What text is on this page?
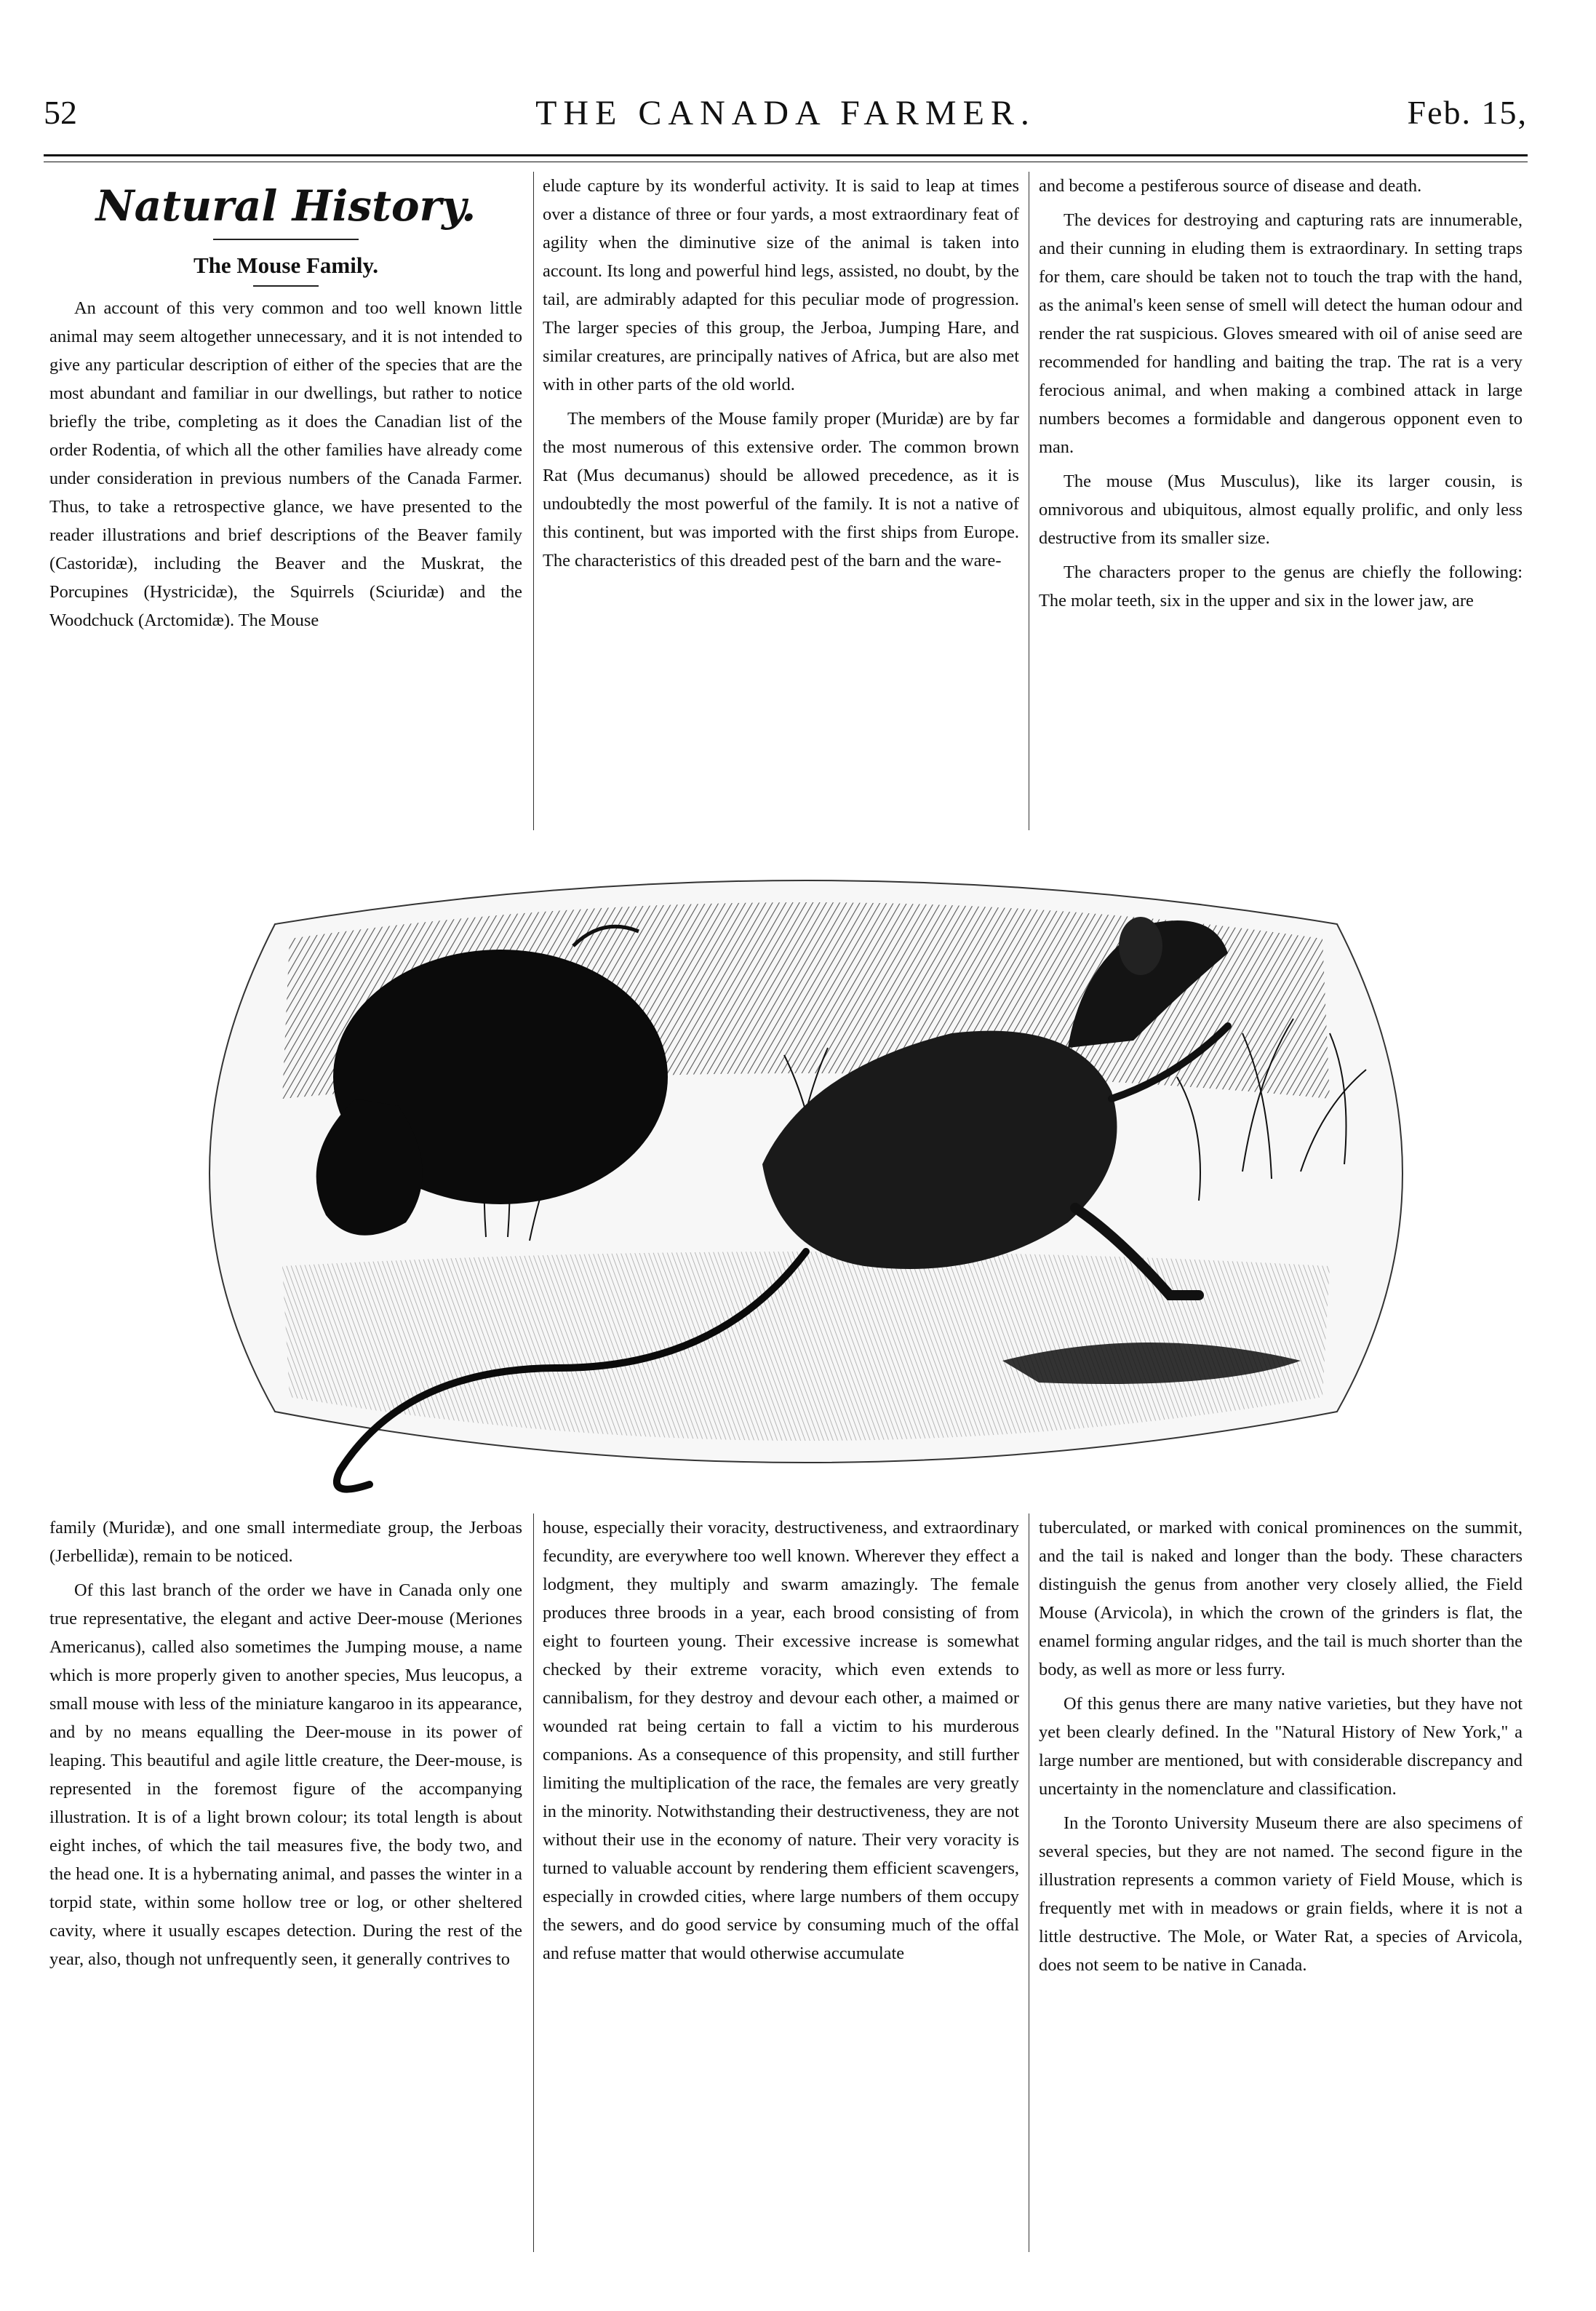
52	THE CANADA FARMER.	Feb. 15,
Natural History.
The Mouse Family.

An account of this very common and too well known little animal may seem altogether unnecessary, and it is not intended to give any particular description of either of the species that are the most abundant and familiar in our dwellings, but rather to notice briefly the tribe, completing as it does the Canadian list of the order Rodentia, of which all the other families have already come under consideration in previous numbers of the Canada Farmer. Thus, to take a retrospective glance, we have presented to the reader illustrations and brief descriptions of the Beaver family (Castoridæ), including the Beaver and the Muskrat, the Porcupines (Hystricidæ), the Squirrels (Sciuridæ) and the Woodchuck (Arctomidæ). The Mouse

elude capture by its wonderful activity. It is said to leap at times over a distance of three or four yards, a most extraordinary feat of agility when the diminutive size of the animal is taken into account. Its long and powerful hind legs, assisted, no doubt, by the tail, are admirably adapted for this peculiar mode of progression. The larger species of this group, the Jerboa, Jumping Hare, and similar creatures, are principally natives of Africa, but are also met with in other parts of the old world.

The members of the Mouse family proper (Muridæ) are by far the most numerous of this extensive order. The common brown Rat (Mus decumanus) should be allowed precedence, as it is undoubtedly the most powerful of the family. It is not a native of this continent, but was imported with the first ships from Europe. The characteristics of this dreaded pest of the barn and the ware-

and become a pestiferous source of disease and death.

The devices for destroying and capturing rats are innumerable, and their cunning in eluding them is extraordinary. In setting traps for them, care should be taken not to touch the trap with the hand, as the animal's keen sense of smell will detect the human odour and render the rat suspicious. Gloves smeared with oil of anise seed are recommended for handling and baiting the trap. The rat is a very ferocious animal, and when making a combined attack in large numbers becomes a formidable and dangerous opponent even to man.

The mouse (Mus Musculus), like its larger cousin, is omnivorous and ubiquitous, almost equally prolific, and only less destructive from its smaller size.

The characters proper to the genus are chiefly the following: The molar teeth, six in the upper and six in the lower jaw, are

family (Muridæ), and one small intermediate group, the Jerboas (Jerbellidæ), remain to be noticed.

Of this last branch of the order we have in Canada only one true representative, the elegant and active Deer-mouse (Meriones Americanus), called also sometimes the Jumping mouse, a name which is more properly given to another species, Mus leucopus, a small mouse with less of the miniature kangaroo in its appearance, and by no means equalling the Deer-mouse in its power of leaping. This beautiful and agile little creature, the Deer-mouse, is represented in the foremost figure of the accompanying illustration. It is of a light brown colour; its total length is about eight inches, of which the tail measures five, the body two, and the head one. It is a hybernating animal, and passes the winter in a torpid state, within some hollow tree or log, or other sheltered cavity, where it usually escapes detection. During the rest of the year, also, though not unfrequently seen, it generally contrives to

house, especially their voracity, destructiveness, and extraordinary fecundity, are everywhere too well known. Wherever they effect a lodgment, they multiply and swarm amazingly. The female produces three broods in a year, each brood consisting of from eight to fourteen young. Their excessive increase is somewhat checked by their extreme voracity, which even extends to cannibalism, for they destroy and devour each other, a maimed or wounded rat being certain to fall a victim to his murderous companions. As a consequence of this propensity, and still further limiting the multiplication of the race, the females are very greatly in the minority. Notwithstanding their destructiveness, they are not without their use in the economy of nature. Their very voracity is turned to valuable account by rendering them efficient scavengers, especially in crowded cities, where large numbers of them occupy the sewers, and do good service by consuming much of the offal and refuse matter that would otherwise accumulate

tuberculated, or marked with conical prominences on the summit, and the tail is naked and longer than the body. These characters distinguish the genus from another very closely allied, the Field Mouse (Arvicola), in which the crown of the grinders is flat, the enamel forming angular ridges, and the tail is much shorter than the body, as well as more or less furry.

Of this genus there are many native varieties, but they have not yet been clearly defined. In the "Natural History of New York," a large number are mentioned, but with considerable discrepancy and uncertainty in the nomenclature and classification.

In the Toronto University Museum there are also specimens of several species, but they are not named. The second figure in the illustration represents a common variety of Field Mouse, which is frequently met with in meadows or grain fields, where it is not a little destructive. The Mole, or Water Rat, a species of Arvicola, does not seem to be native in Canada.
